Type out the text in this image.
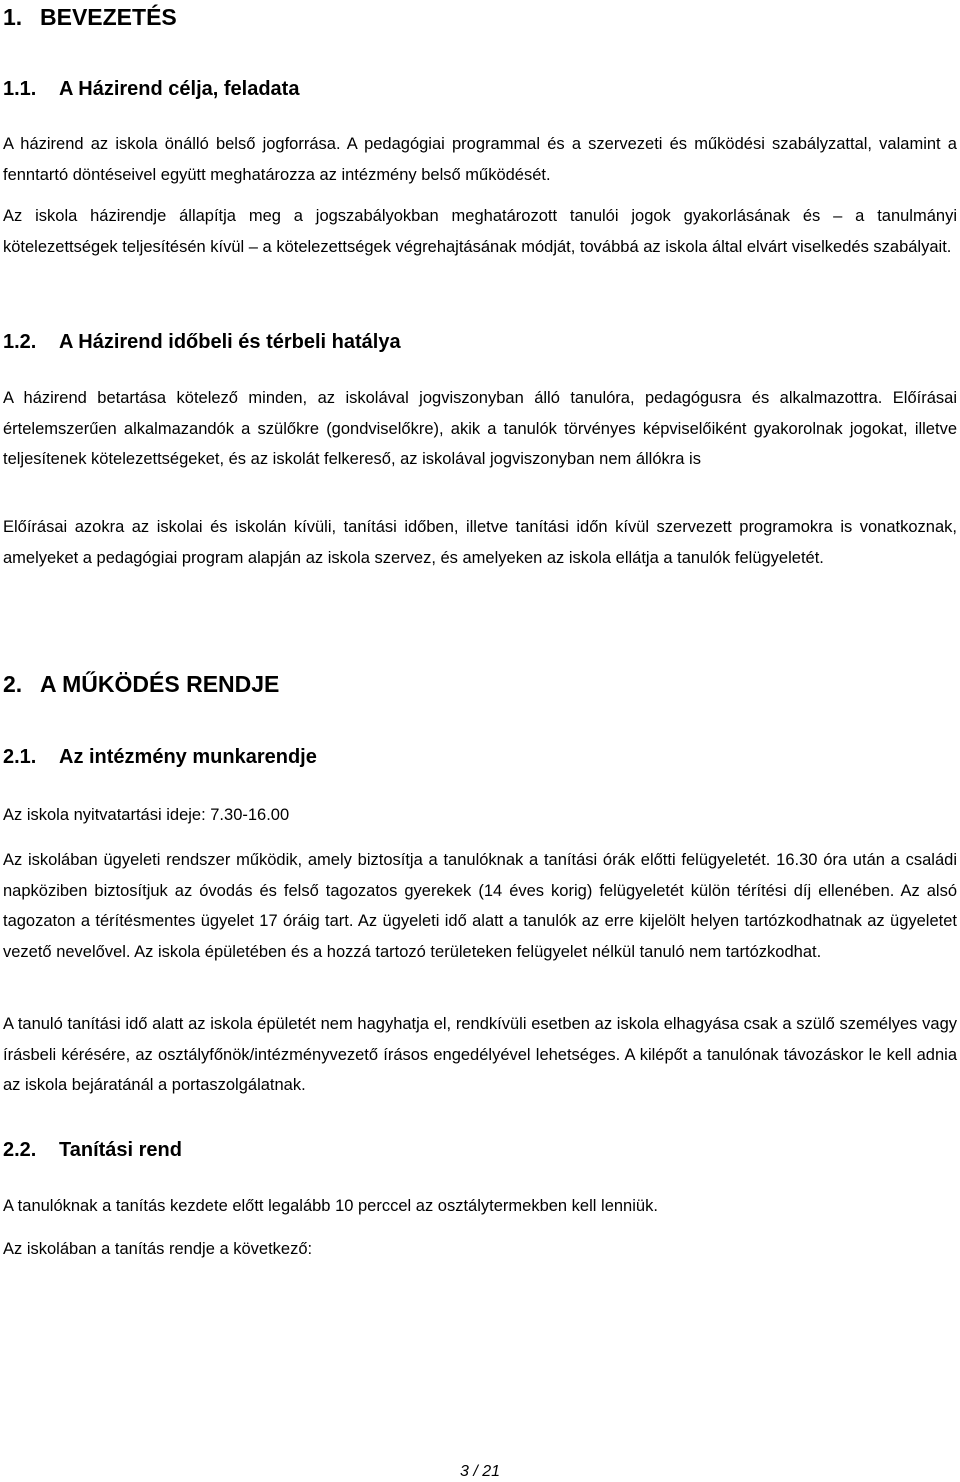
1. BEVEZETÉS
1.1. A Házirend célja, feladata
A házirend az iskola önálló belső jogforrása. A pedagógiai programmal és a szervezeti és működési szabályzattal, valamint a fenntartó döntéseivel együtt meghatározza az intézmény belső működését.
Az iskola házirendje állapítja meg a jogszabályokban meghatározott tanulói jogok gyakorlásának és – a tanulmányi kötelezettségek teljesítésén kívül – a kötelezettségek végrehajtásának módját, továbbá az iskola által elvárt viselkedés szabályait.
1.2. A Házirend időbeli és térbeli hatálya
A házirend betartása kötelező minden, az iskolával jogviszonyban álló tanulóra, pedagógusra és alkalmazottra. Előírásai értelemszerűen alkalmazandók a szülőkre (gondviselőkre), akik a tanulók törvényes képviselőiként gyakorolnak jogokat, illetve teljesítenek kötelezettségeket, és az iskolát felkereső, az iskolával jogviszonyban nem állókra is
Előírásai azokra az iskolai és iskolán kívüli, tanítási időben, illetve tanítási időn kívül szervezett programokra is vonatkoznak, amelyeket a pedagógiai program alapján az iskola szervez, és amelyeken az iskola ellátja a tanulók felügyeletét.
2. A MŰKÖDÉS RENDJE
2.1. Az intézmény munkarendje
Az iskola nyitvatartási ideje: 7.30-16.00
Az iskolában ügyeleti rendszer működik, amely biztosítja a tanulóknak a tanítási órák előtti felügyeletét. 16.30 óra után a családi napköziben biztosítjuk az óvodás és felső tagozatos gyerekek (14 éves korig) felügyeletét külön térítési díj ellenében. Az alsó tagozaton a térítésmentes ügyelet 17 óráig tart. Az ügyeleti idő alatt a tanulók az erre kijelölt helyen tartózkodhatnak az ügyeletet vezető nevelővel. Az iskola épületében és a hozzá tartozó területeken felügyelet nélkül tanuló nem tartózkodhat.
A tanuló tanítási idő alatt az iskola épületét nem hagyhatja el, rendkívüli esetben az iskola elhagyása csak a szülő személyes vagy írásbeli kérésére, az osztályfőnök/intézményvezető írásos engedélyével lehetséges. A kilépőt a tanulónak távozáskor le kell adnia az iskola bejáratánál a portaszolgálatnak.
2.2. Tanítási rend
A tanulóknak a tanítás kezdete előtt legalább 10 perccel az osztálytermekben kell lenniük.
Az iskolában a tanítás rendje a következő:
3 / 21
